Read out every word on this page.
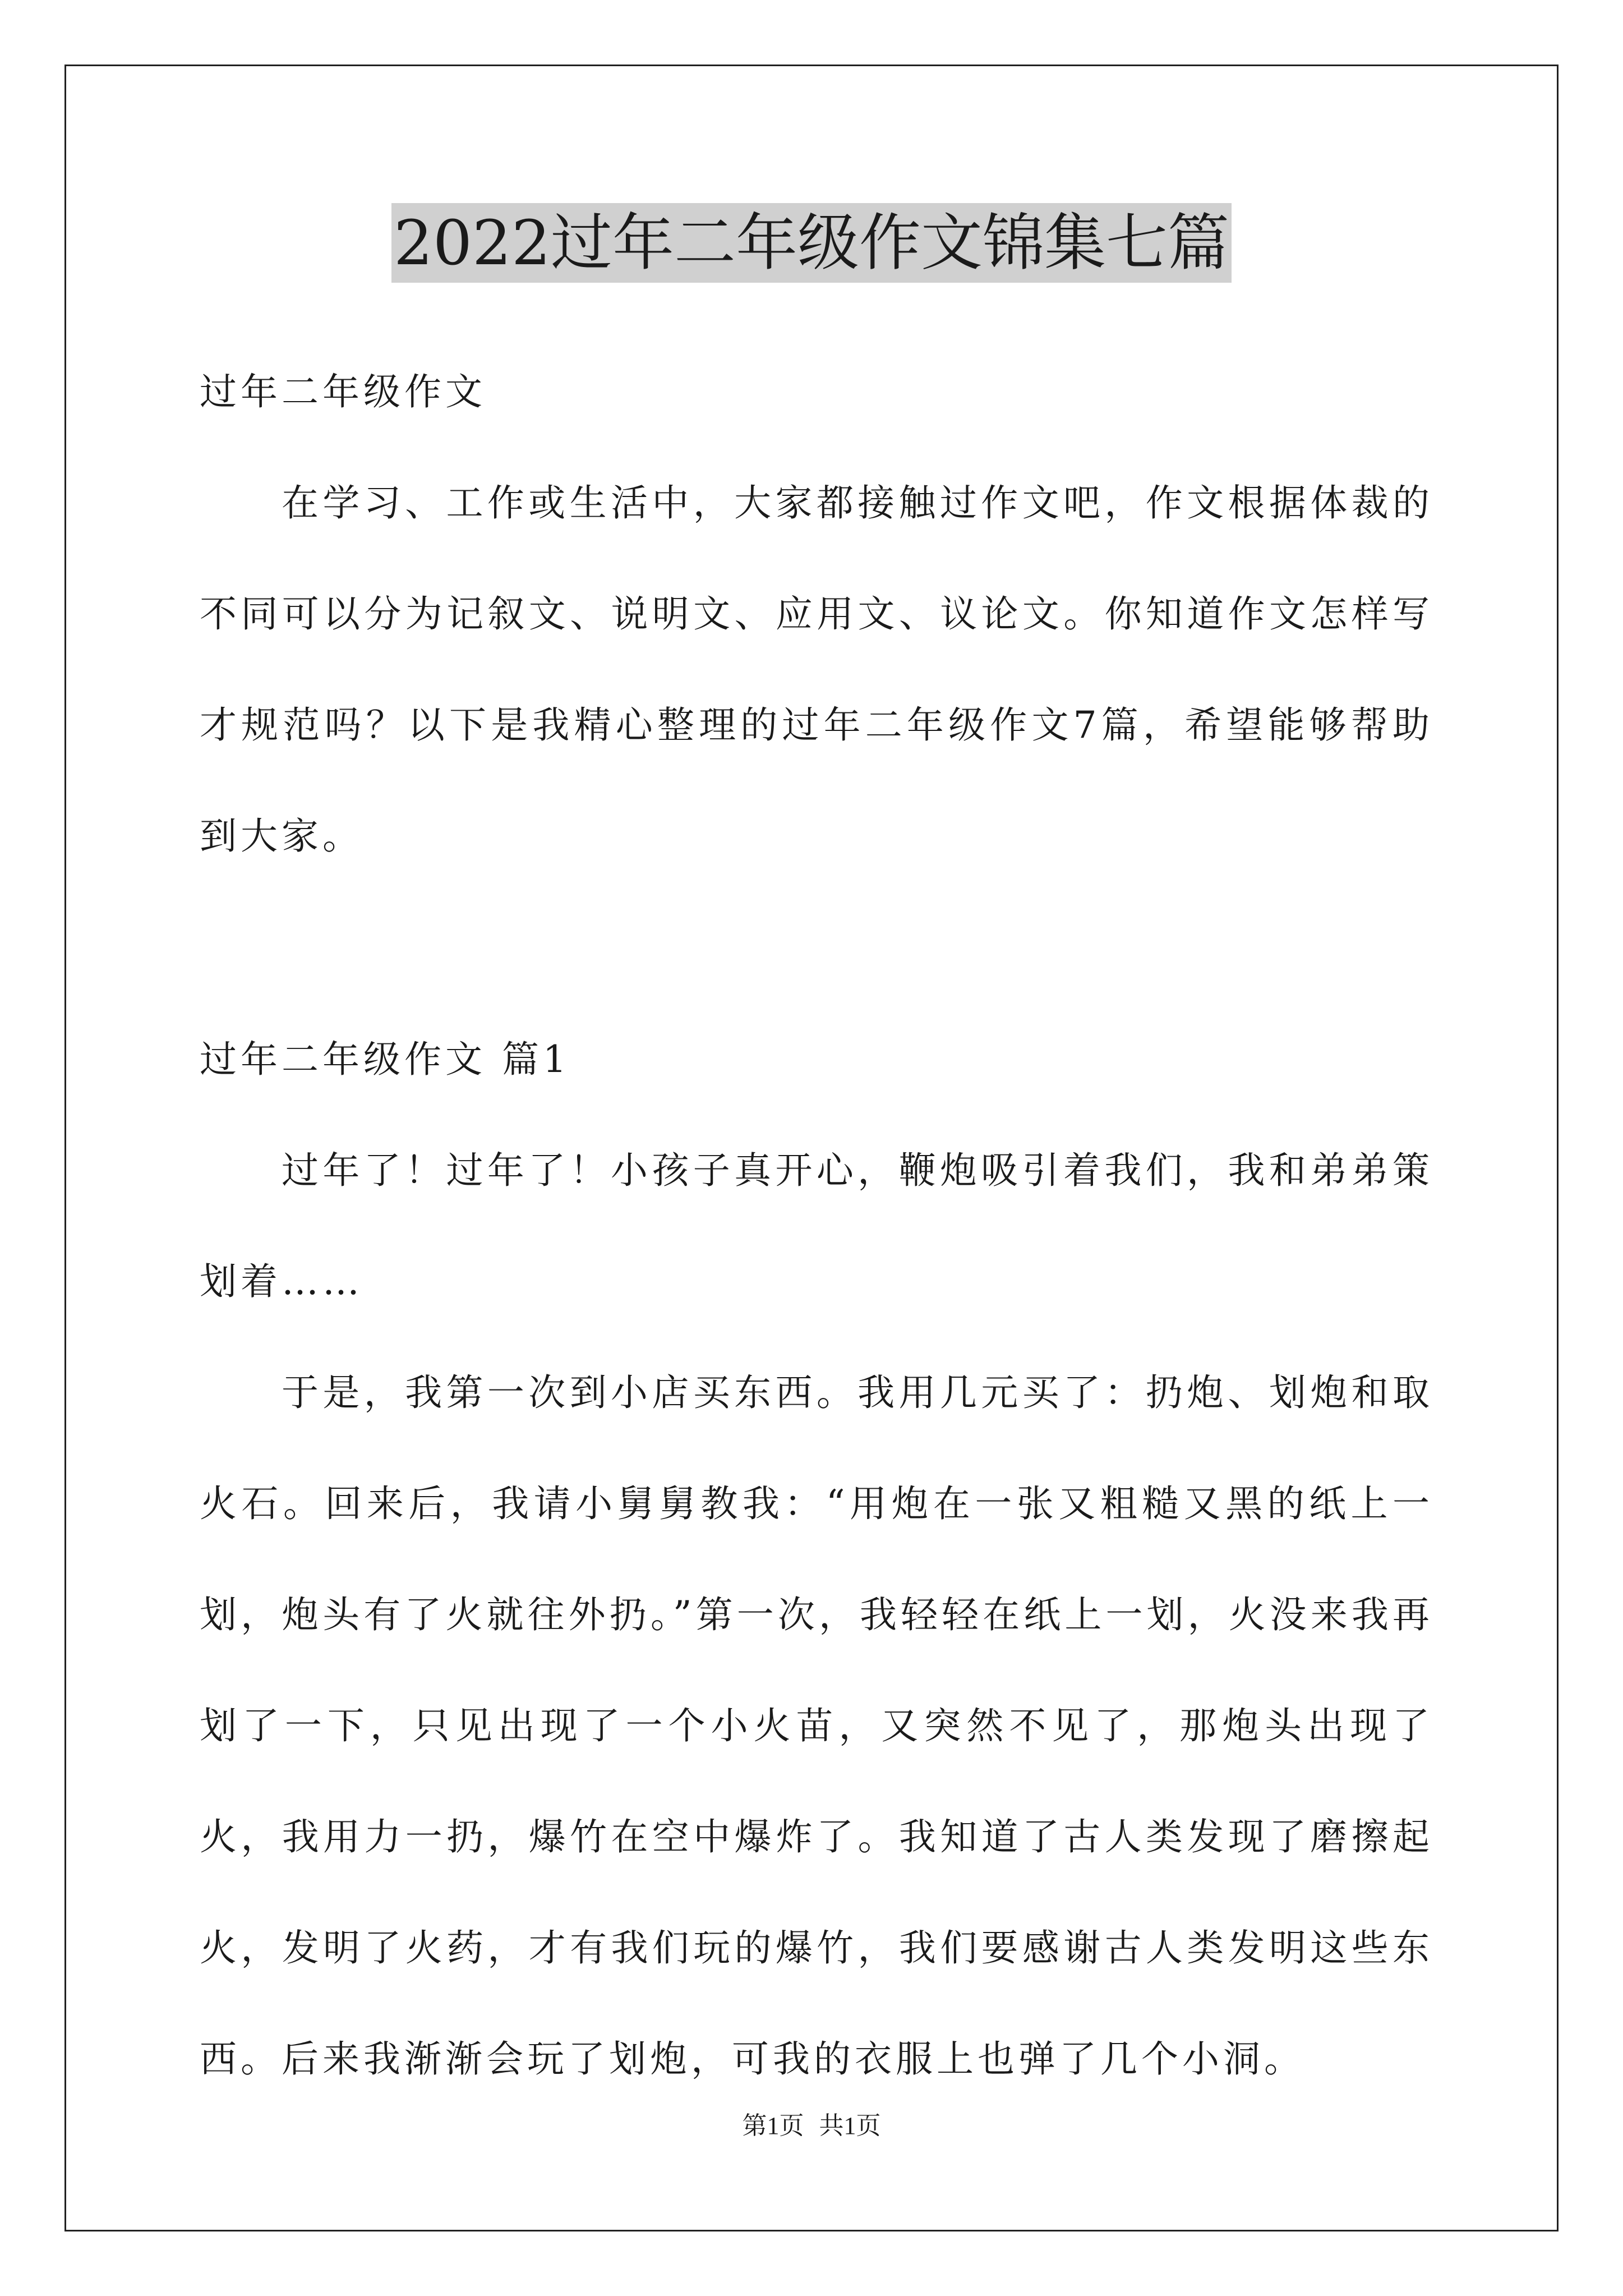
2022过年二年级作文锦集七篇

过年二年级作文

在学习、工作或生活中，大家都接触过作文吧，作文根据体裁的不同可以分为记叙文、说明文、应用文、议论文。你知道作文怎样写才规范吗？以下是我精心整理的过年二年级作文7篇，希望能够帮助到大家。

过年二年级作文 篇1

过年了！过年了！小孩子真开心，鞭炮吸引着我们，我和弟弟策划着……

于是，我第一次到小店买东西。我用几元买了：扔炮、划炮和取火石。回来后，我请小舅舅教我：“用炮在一张又粗糙又黑的纸上一划，炮头有了火就往外扔。”第一次，我轻轻在纸上一划，火没来我再划了一下，只见出现了一个小火苗，又突然不见了，那炮头出现了火，我用力一扔，爆竹在空中爆炸了。我知道了古人类发现了磨擦起火，发明了火药，才有我们玩的爆竹，我们要感谢古人类发明这些东西。后来我渐渐会玩了划炮，可我的衣服上也弹了几个小洞。

第1页 共1页
